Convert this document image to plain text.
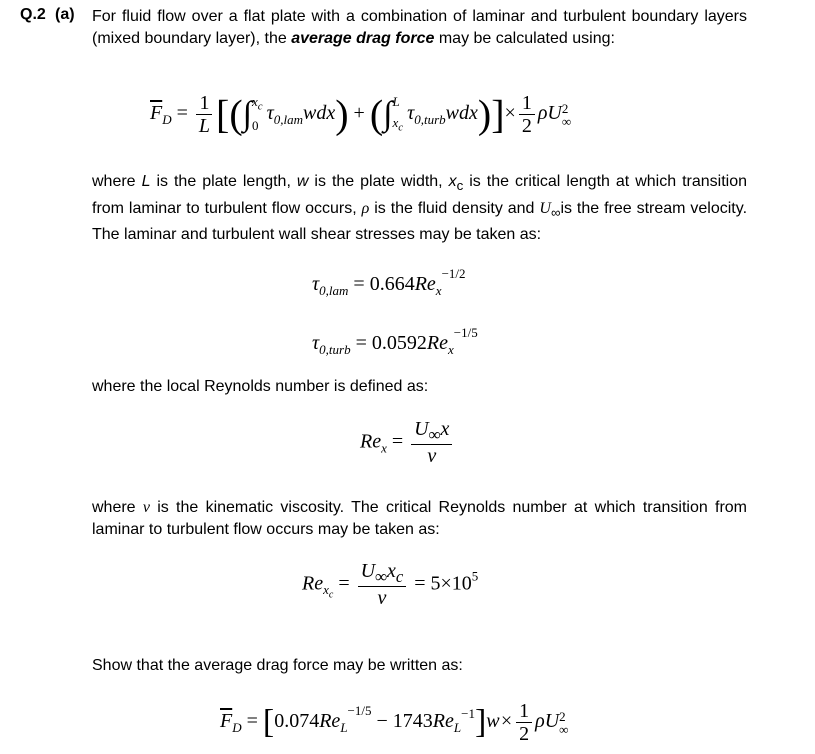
Q.2 (a) For fluid flow over a flat plate with a combination of laminar and turbulent boundary layers (mixed boundary layer), the average drag force may be calculated using:
$\overline{F}_D = \frac{1}{L}$ [(∫ $x_c$
0
$\tau_{0,lam}wdx$) + (∫ L
$x_c$
$\tau_{0,turb}wdx)]\times \frac{1}{2}$ ρU 2
∞
where L is the plate length, w is the plate width, $x_c$ is the critical length at which transition from laminar to turbulent flow occurs, ρ is the fluid density and $U_\infty is$ the free stream velocity. The laminar and turbulent wall shear stresses may be taken as:
$\tau_{0,lam} = 0.664Re_x^{-1/2}$
$\tau_{0,turb} = 0.0592Re_x^{-1/5}$
where the local Reynolds number is defined as:
$Re_x = \frac{U_\infty x}{\nu}$
where ν is the kinematic viscosity. The critical Reynolds number at which transition from laminar to turbulent flow occurs may be taken as:
$Re_{x_c} = \frac{U_\infty x_c}{\nu} = 5\times 10^5$
Show that the average drag force may be written as:
$\overline{F}_D = [0.074Re_L^{-1/5} - 1743Re_L^{-1}]w\times \frac{1}{2}$ ρU 2
∞
